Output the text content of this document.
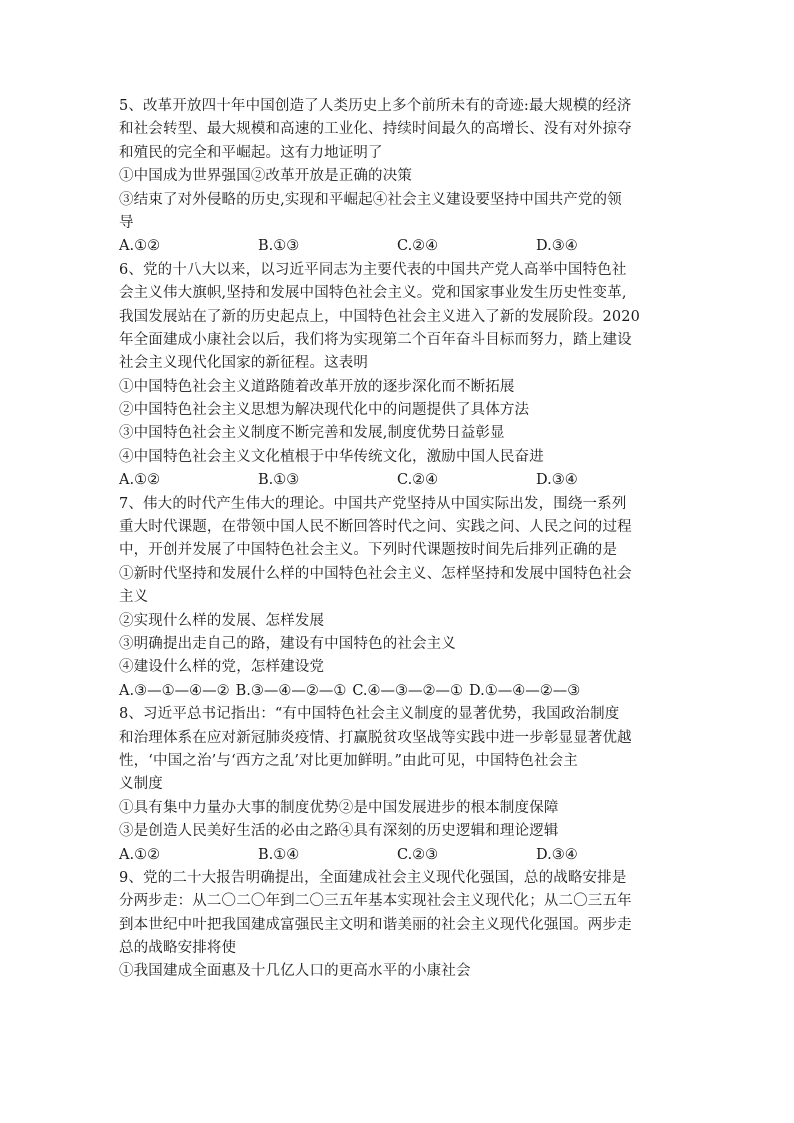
5、改革开放四十年中国创造了人类历史上多个前所未有的奇迹:最大规模的经济
和社会转型、最大规模和高速的工业化、持续时间最久的高增长、没有对外掠夺
和殖民的完全和平崛起。这有力地证明了
①中国成为世界强国②改革开放是正确的决策
③结束了对外侵略的历史,实现和平崛起④社会主义建设要坚持中国共产党的领
导
A.①②	B.①③	C.②④	D.③④
6、党的十八大以来，以习近平同志为主要代表的中国共产党人高举中国特色社
会主义伟大旗帜,坚持和发展中国特色社会主义。党和国家事业发生历史性变革,
我国发展站在了新的历史起点上，中国特色社会主义进入了新的发展阶段。2020
年全面建成小康社会以后，我们将为实现第二个百年奋斗目标而努力，踏上建设
社会主义现代化国家的新征程。这表明
①中国特色社会主义道路随着改革开放的逐步深化而不断拓展
②中国特色社会主义思想为解决现代化中的问题提供了具体方法
③中国特色社会主义制度不断完善和发展,制度优势日益彰显
④中国特色社会主义文化植根于中华传统文化，激励中国人民奋进
A.①②	B.①③	C.②④	D.③④
7、伟大的时代产生伟大的理论。中国共产党坚持从中国实际出发，围绕一系列
重大时代课题，在带领中国人民不断回答时代之问、实践之问、人民之问的过程
中，开创并发展了中国特色社会主义。下列时代课题按时间先后排列正确的是
①新时代坚持和发展什么样的中国特色社会主义、怎样坚持和发展中国特色社会
主义
②实现什么样的发展、怎样发展
③明确提出走自己的路，建设有中国特色的社会主义
④建设什么样的党，怎样建设党
A.③—①—④—② B.③—④—②—① C.④—③—②—① D.①—④—②—③
8、习近平总书记指出：“有中国特色社会主义制度的显著优势，我国政治制度
和治理体系在应对新冠肺炎疫情、打赢脱贫攻坚战等实践中进一步彰显显著优越
性，‘中国之治’与‘西方之乱’对比更加鲜明。”由此可见，中国特色社会主
义制度
①具有集中力量办大事的制度优势②是中国发展进步的根本制度保障
③是创造人民美好生活的必由之路④具有深刻的历史逻辑和理论逻辑
A.①②	B.①④	C.②③	D.③④
9、党的二十大报告明确提出，全面建成社会主义现代化强国，总的战略安排是
分两步走：从二〇二〇年到二〇三五年基本实现社会主义现代化；从二〇三五年
到本世纪中叶把我国建成富强民主文明和谐美丽的社会主义现代化强国。两步走
总的战略安排将使
①我国建成全面惠及十几亿人口的更高水平的小康社会
